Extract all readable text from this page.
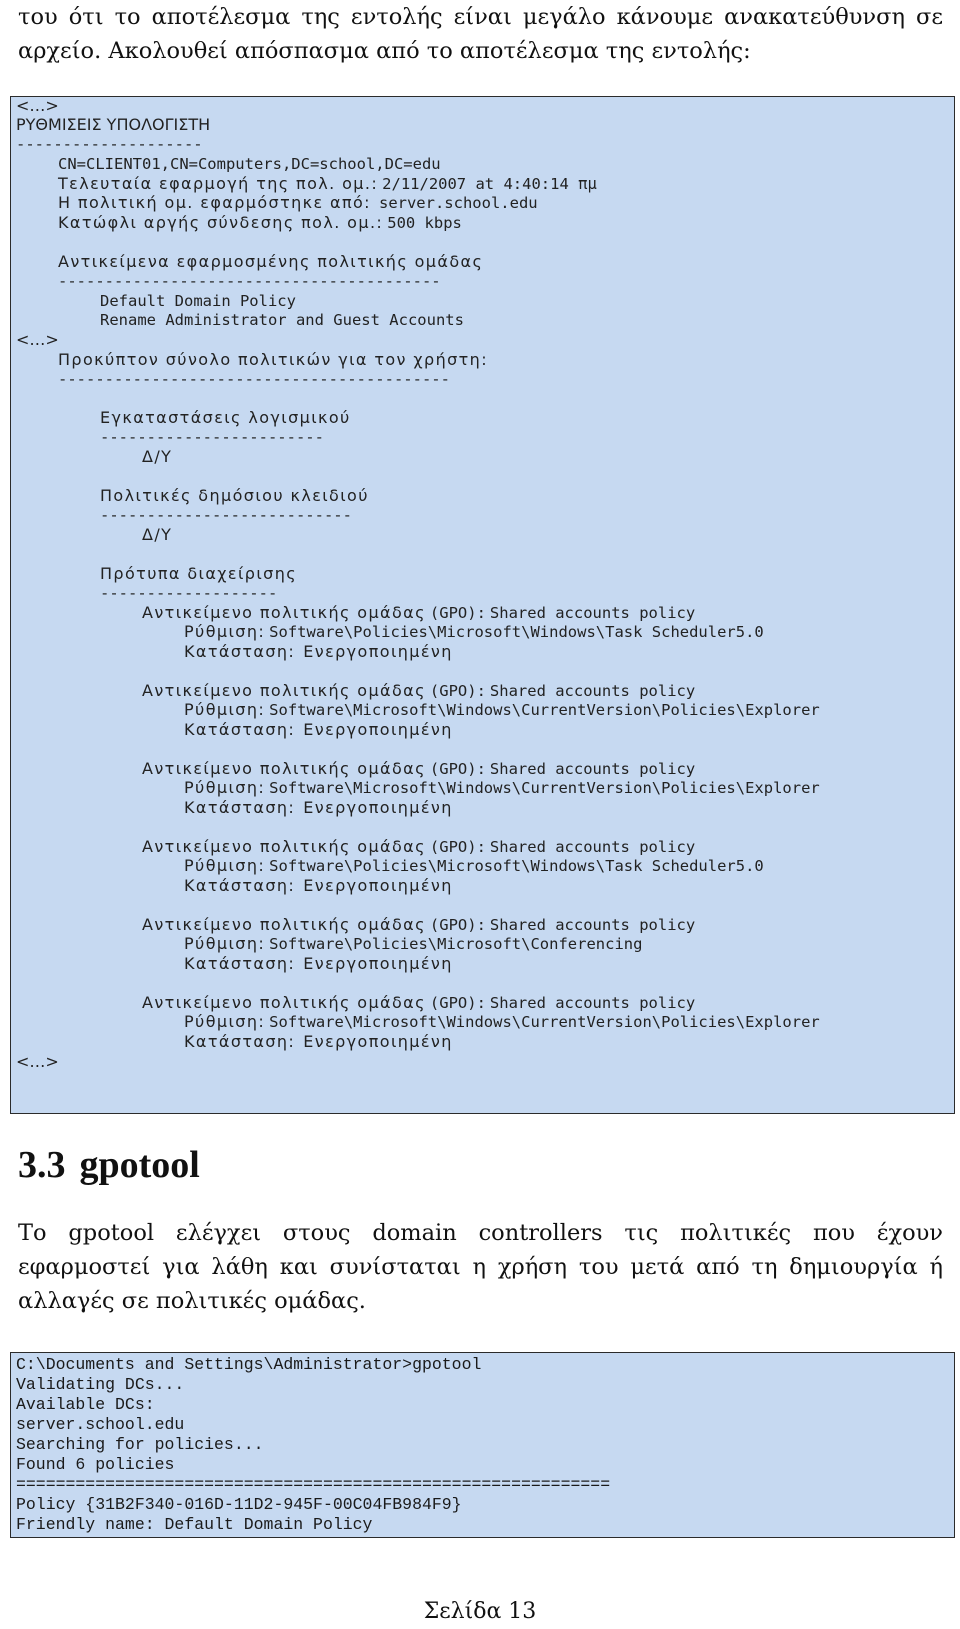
του ότι το αποτέλεσμα της εντολής είναι μεγάλο κάνουμε ανακατεύθυνση σε αρχείο. Ακολουθεί απόσπασμα από το αποτέλεσμα της εντολής:

<…>
ΡΥΘΜΙΣΕΙΣ ΥΠΟΛΟΓΙΣΤΗ
--------------------
CN=CLIENT01,CN=Computers,DC=school,DC=edu
Τελευταία εφαρμογή της πολ. ομ.: 2/11/2007 at 4:40:14 πμ
Η πολιτική ομ. εφαρμόστηκε από: server.school.edu
Κατώφλι αργής σύνδεσης πολ. ομ.: 500 kbps
Αντικείμενα εφαρμοσμένης πολιτικής ομάδας
-----------------------------------------
Default Domain Policy
Rename Administrator and Guest Accounts
<…>
Προκύπτον σύνολο πολιτικών για τον χρήστη:
------------------------------------------
Εγκαταστάσεις λογισμικού
------------------------
Δ/Υ
Πολιτικές δημόσιου κλειδιού
---------------------------
Δ/Υ
Πρότυπα διαχείρισης
-------------------
Αντικείμενο πολιτικής ομάδας (GPO): Shared accounts policy
Ρύθμιση: Software\Policies\Microsoft\Windows\Task Scheduler5.0
Κατάσταση: Ενεργοποιημένη
Αντικείμενο πολιτικής ομάδας (GPO): Shared accounts policy
Ρύθμιση: Software\Microsoft\Windows\CurrentVersion\Policies\Explorer
Κατάσταση: Ενεργοποιημένη
Αντικείμενο πολιτικής ομάδας (GPO): Shared accounts policy
Ρύθμιση: Software\Microsoft\Windows\CurrentVersion\Policies\Explorer
Κατάσταση: Ενεργοποιημένη
Αντικείμενο πολιτικής ομάδας (GPO): Shared accounts policy
Ρύθμιση: Software\Policies\Microsoft\Windows\Task Scheduler5.0
Κατάσταση: Ενεργοποιημένη
Αντικείμενο πολιτικής ομάδας (GPO): Shared accounts policy
Ρύθμιση: Software\Policies\Microsoft\Conferencing
Κατάσταση: Ενεργοποιημένη
Αντικείμενο πολιτικής ομάδας (GPO): Shared accounts policy
Ρύθμιση: Software\Microsoft\Windows\CurrentVersion\Policies\Explorer
Κατάσταση: Ενεργοποιημένη
<…>
3.3 gpotool

Το gpotool ελέγχει στους domain controllers τις πολιτικές που έχουν εφαρμοστεί για λάθη και συνίσταται η χρήση του μετά από τη δημιουργία ή αλλαγές σε πολιτικές ομάδας.

C:\Documents and Settings\Administrator>gpotool
Validating DCs...
Available DCs:
server.school.edu
Searching for policies...
Found 6 policies
============================================================
Policy {31B2F340-016D-11D2-945F-00C04FB984F9}
Friendly name: Default Domain Policy
Σελίδα 13
